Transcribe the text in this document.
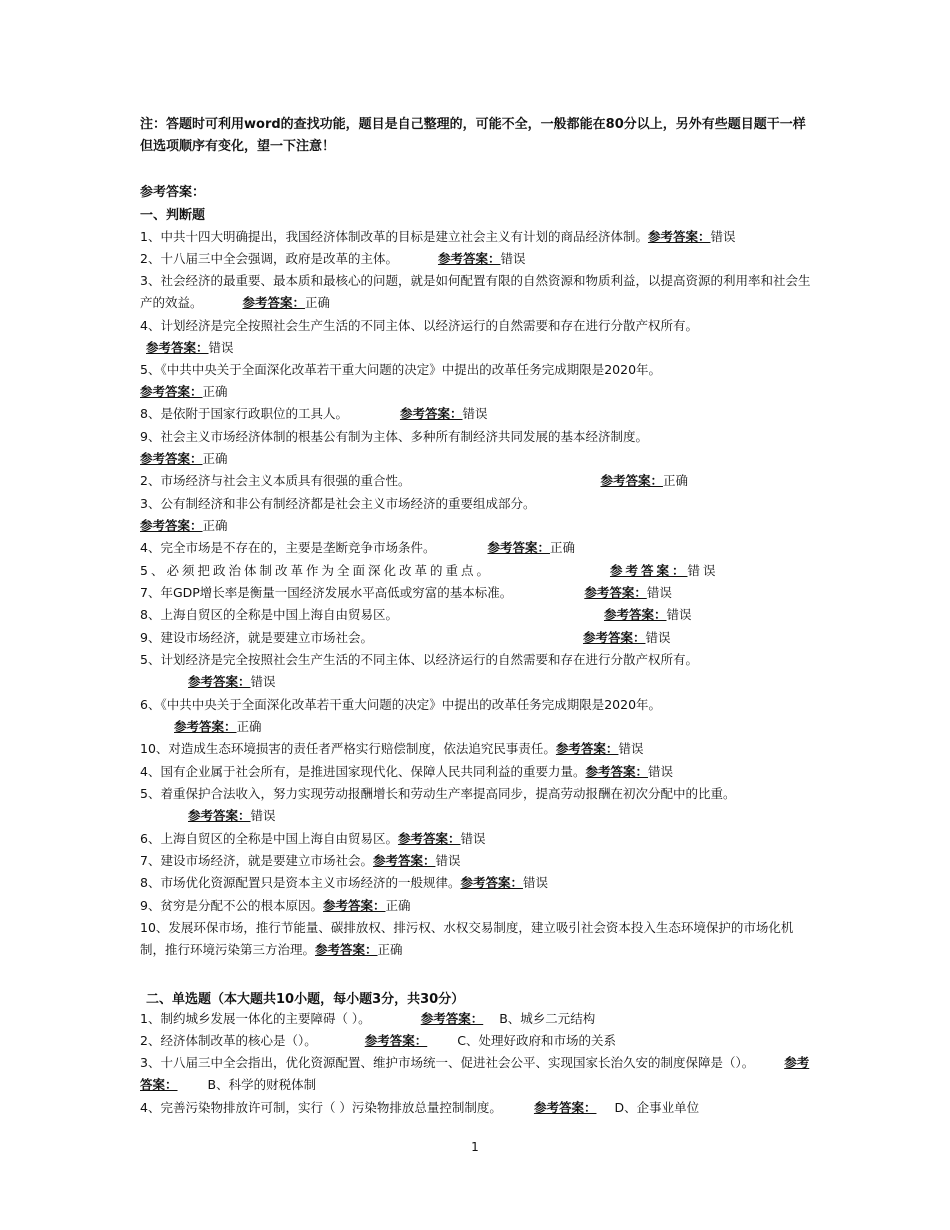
注：答题时可利用word的查找功能，题目是自己整理的，可能不全，一般都能在80分以上，另外有些题目题干一样但选项顺序有变化，望一下注意！
参考答案：
一、判断题
1、中共十四大明确提出，我国经济体制改革的目标是建立社会主义有计划的商品经济体制。参考答案：错误
2、十八届三中全会强调，政府是改革的主体。	参考答案：错误
3、社会经济的最重要、最本质和最核心的问题，就是如何配置有限的自然资源和物质利益，以提高资源的利用率和社会生产的效益。	参考答案：正确
4、计划经济是完全按照社会生产生活的不同主体、以经济运行的自然需要和存在进行分散产权所有。
参考答案：错误
5、《中共中央关于全面深化改革若干重大问题的决定》中提出的改革任务完成期限是2020年。
参考答案：正确
8、是依附于国家行政职位的工具人。	参考答案：错误
9、社会主义市场经济体制的根基公有制为主体、多种所有制经济共同发展的基本经济制度。
参考答案：正确
2、市场经济与社会主义本质具有很强的重合性。	参考答案：正确
3、公有制经济和非公有制经济都是社会主义市场经济的重要组成部分。
参考答案：正确
4、完全市场是不存在的，主要是垄断竞争市场条件。	参考答案：正确
5、必须把政治体制改革作为全面深化改革的重点。	参考答案：错误
7、年GDP增长率是衡量一国经济发展水平高低或穷富的基本标准。	参考答案：错误
8、上海自贸区的全称是中国上海自由贸易区。	参考答案：错误
9、建设市场经济，就是要建立市场社会。	参考答案：错误
5、计划经济是完全按照社会生产生活的不同主体、以经济运行的自然需要和存在进行分散产权所有。
参考答案：错误
6、《中共中央关于全面深化改革若干重大问题的决定》中提出的改革任务完成期限是2020年。
参考答案：正确
10、对造成生态环境损害的责任者严格实行赔偿制度，依法追究民事责任。参考答案：错误
4、国有企业属于社会所有，是推进国家现代化、保障人民共同利益的重要力量。参考答案：错误
5、着重保护合法收入，努力实现劳动报酬增长和劳动生产率提高同步，提高劳动报酬在初次分配中的比重。
参考答案：错误
6、上海自贸区的全称是中国上海自由贸易区。参考答案：错误
7、建设市场经济，就是要建立市场社会。参考答案：错误
8、市场优化资源配置只是资本主义市场经济的一般规律。参考答案：错误
9、贫穷是分配不公的根本原因。参考答案：正确
10、发展环保市场，推行节能量、碳排放权、排污权、水权交易制度，建立吸引社会资本投入生态环境保护的市场化机制，推行环境污染第三方治理。参考答案：正确
二、单选题（本大题共10小题，每小题3分，共30分）
1、制约城乡发展一体化的主要障碍（ ）。	参考答案： B、城乡二元结构
2、经济体制改革的核心是（）。	参考答案： C、处理好政府和市场的关系
3、十八届三中全会指出，优化资源配置、维护市场统一、促进社会公平、实现国家长治久安的制度保障是（）。 参考答案： B、科学的财税体制
4、完善污染物排放许可制，实行（ ）污染物排放总量控制制度。	参考答案： D、企事业单位
1
